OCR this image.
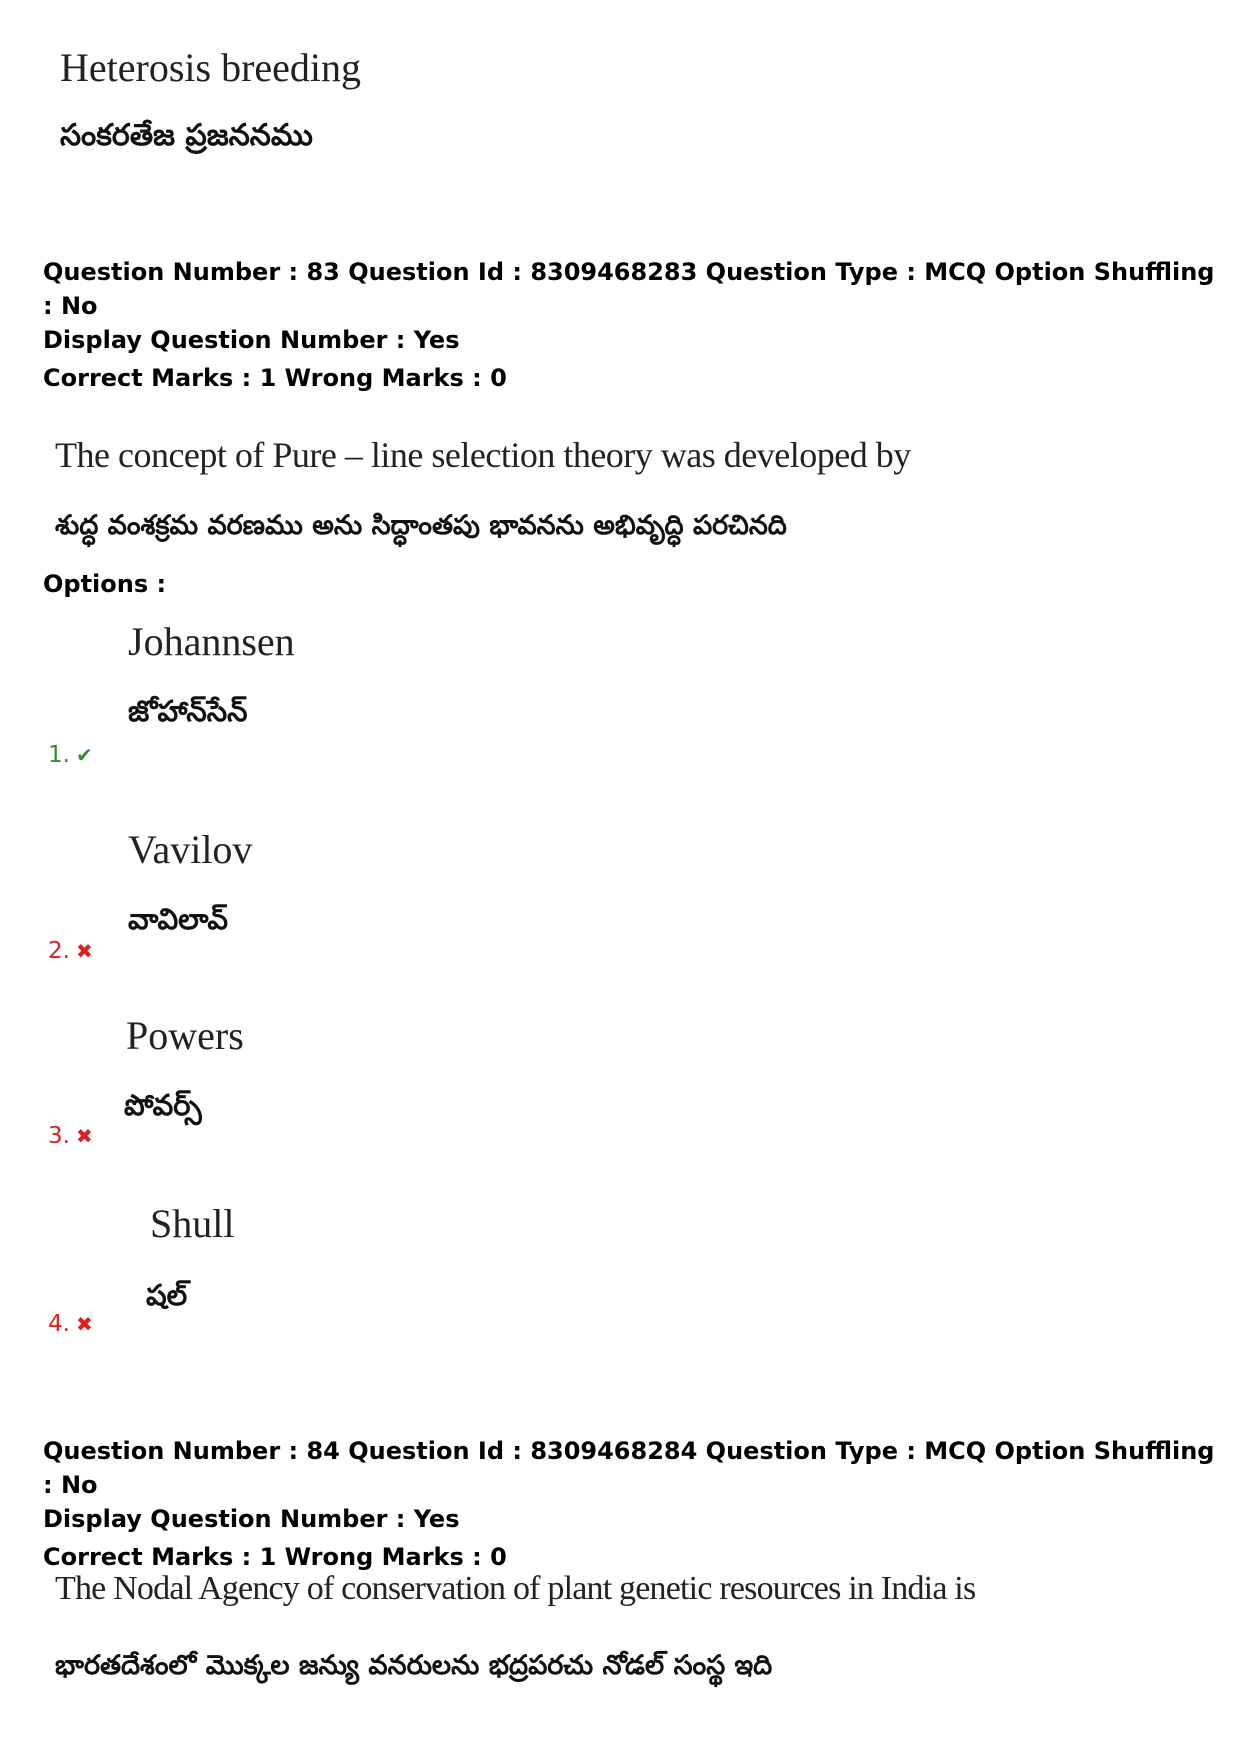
Heterosis breeding
సంకరతేజ ప్రజననము
Question Number : 83 Question Id : 8309468283 Question Type : MCQ Option Shuffling : No
Display Question Number : Yes
Correct Marks : 1 Wrong Marks : 0
The concept of Pure – line selection theory was developed by
శుద్ధ వంశక్రమ వరణము అను సిద్ధాంతపు భావనను అభివృద్ధి పరచినది
Options :
Johannsen
జోహాన్‌సేన్
1. ✔
Vavilov
వావిలావ్
2. ✖
Powers
పోవర్స్
3. ✖
Shull
షల్
4. ✖
Question Number : 84 Question Id : 8309468284 Question Type : MCQ Option Shuffling : No
Display Question Number : Yes
Correct Marks : 1 Wrong Marks : 0
The Nodal Agency of conservation of plant genetic resources in India is
భారతదేశంలో మొక్కల జన్యు వనరులను భద్రపరచు నోడల్ సంస్థ ఇది
